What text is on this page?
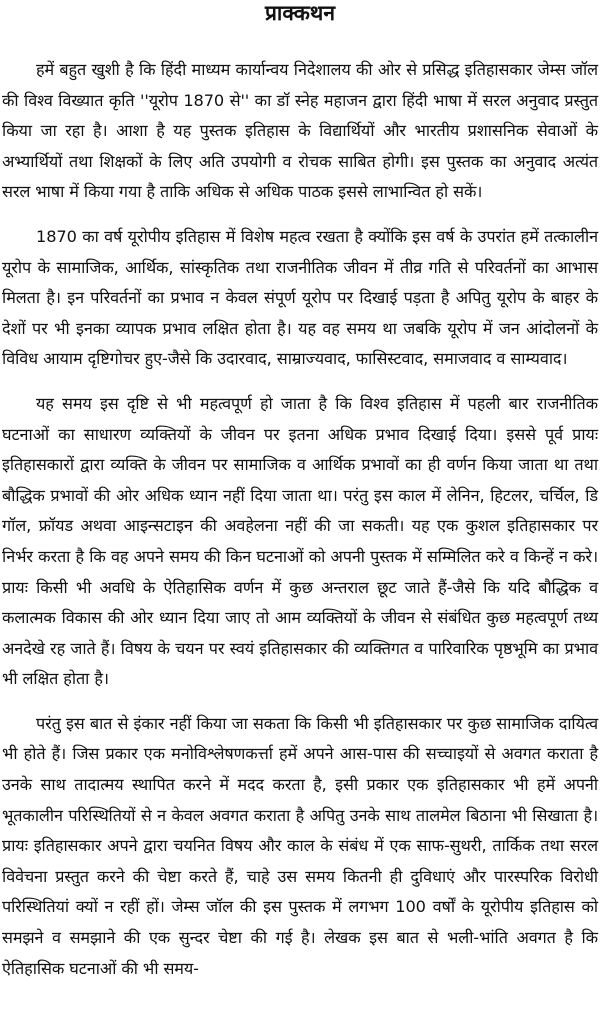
प्राक्कथन

हमें बहुत खुशी है कि हिंदी माध्यम कार्यान्वय निदेशालय की ओर से प्रसिद्ध इतिहासकार जेम्स जॉल की विश्व विख्यात कृति ''यूरोप 1870 से'' का डॉ स्नेह महाजन द्वारा हिंदी भाषा में सरल अनुवाद प्रस्तुत किया जा रहा है। आशा है यह पुस्तक इतिहास के विद्यार्थियों और भारतीय प्रशासनिक सेवाओं के अभ्यार्थियों तथा शिक्षकों के लिए अति उपयोगी व रोचक साबित होगी। इस पुस्तक का अनुवाद अत्यंत सरल भाषा में किया गया है ताकि अधिक से अधिक पाठक इससे लाभान्वित हो सकें।

1870 का वर्ष यूरोपीय इतिहास में विशेष महत्व रखता है क्योंकि इस वर्ष के उपरांत हमें तत्कालीन यूरोप के सामाजिक, आर्थिक, सांस्कृतिक तथा राजनीतिक जीवन में तीव्र गति से परिवर्तनों का आभास मिलता है। इन परिवर्तनों का प्रभाव न केवल संपूर्ण यूरोप पर दिखाई पड़ता है अपितु यूरोप के बाहर के देशों पर भी इनका व्यापक प्रभाव लक्षित होता है। यह वह समय था जबकि यूरोप में जन आंदोलनों के विविध आयाम दृष्टिगोचर हुए-जैसे कि उदारवाद, साम्राज्यवाद, फासिस्टवाद, समाजवाद व साम्यवाद।

यह समय इस दृष्टि से भी महत्वपूर्ण हो जाता है कि विश्व इतिहास में पहली बार राजनीतिक घटनाओं का साधारण व्यक्तियों के जीवन पर इतना अधिक प्रभाव दिखाई दिया। इससे पूर्व प्रायः इतिहासकारों द्वारा व्यक्ति के जीवन पर सामाजिक व आर्थिक प्रभावों का ही वर्णन किया जाता था तथा बौद्धिक प्रभावों की ओर अधिक ध्यान नहीं दिया जाता था। परंतु इस काल में लेनिन, हिटलर, चर्चिल, डि गॉल, फ्रॉयड अथवा आइन्सटाइन की अवहेलना नहीं की जा सकती। यह एक कुशल इतिहासकार पर निर्भर करता है कि वह अपने समय की किन घटनाओं को अपनी पुस्तक में सम्मिलित करे व किन्हें न करे। प्रायः किसी भी अवधि के ऐतिहासिक वर्णन में कुछ अन्तराल छूट जाते हैं-जैसे कि यदि बौद्धिक व कलात्मक विकास की ओर ध्यान दिया जाए तो आम व्यक्तियों के जीवन से संबंधित कुछ महत्वपूर्ण तथ्य अनदेखे रह जाते हैं। विषय के चयन पर स्वयं इतिहासकार की व्यक्तिगत व पारिवारिक पृष्ठभूमि का प्रभाव भी लक्षित होता है।

परंतु इस बात से इंकार नहीं किया जा सकता कि किसी भी इतिहासकार पर कुछ सामाजिक दायित्व भी होते हैं। जिस प्रकार एक मनोविश्लेषणकर्त्ता हमें अपने आस-पास की सच्चाइयों से अवगत कराता है उनके साथ तादात्मय स्थापित करने में मदद करता है, इसी प्रकार एक इतिहासकार भी हमें अपनी भूतकालीन परिस्थितियों से न केवल अवगत कराता है अपितु उनके साथ तालमेल बिठाना भी सिखाता है। प्रायः इतिहासकार अपने द्वारा चयनित विषय और काल के संबंध में एक साफ-सुथरी, तार्किक तथा सरल विवेचना प्रस्तुत करने की चेष्टा करते हैं, चाहे उस समय कितनी ही दुविधाएं और पारस्परिक विरोधी परिस्थितियां क्यों न रहीं हों। जेम्स जॉल की इस पुस्तक में लगभग 100 वर्षों के यूरोपीय इतिहास को समझने व समझाने की एक सुन्दर चेष्टा की गई है। लेखक इस बात से भली-भांति अवगत है कि ऐतिहासिक घटनाओं की भी समय-
